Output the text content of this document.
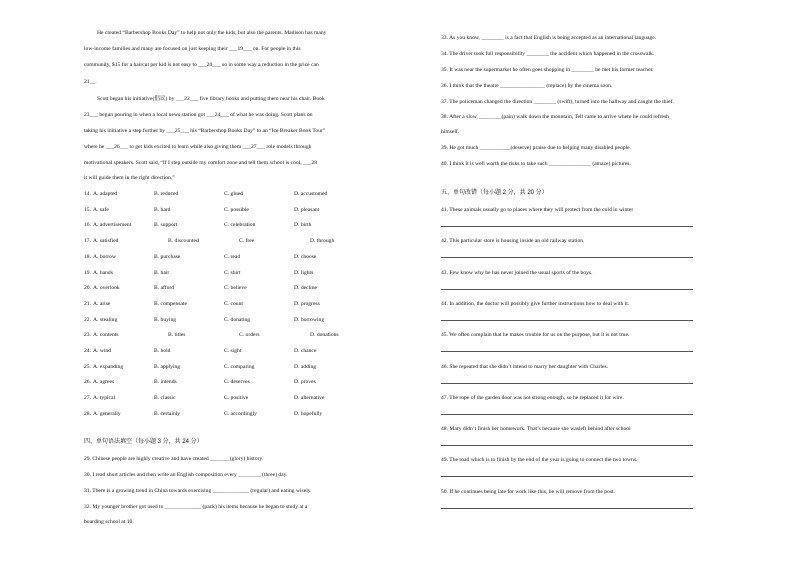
He created “Barbershop Books Day” to help not only the kids, but also the parents. Madison has many
low-income families and many are focused on just keeping their ___19___ on. For people in this
community, $15 for a haircut per kid is not easy to ___20___ so in some way a reduction in the price can
21__.
Scott began his initiative(倡议) by ___22___ five library books and putting them near his chair. Book
23___ begun pouring in when a local news station got ___24___ of what he was doing. Scott plans on
taking his initiative a step further by ___25___ his “Barbershop Books Day” to an “Ice Breaker Book Tour”
where he ___26___ to get kids excited to learn while also giving them ___27___ role models through
motivational speakers. Scott said, “If I step outside my comfort zone and tell them school is cool, ___28
it will guide them in the right direction.”
14. A. adapted	B. reduced	C. glued	D. accustomed
15. A. safe	B. hard	C. possible	D. pleasant
16. A. advertisement	B. support	C. celebration	D. birth
17. A. satisfied	B. discounted	C. free	D. through
18. A. borrow	B. purchase	C. read	D. choose
19. A. hands	B. hair	C. shirt	D. lights
20. A. overlook	B. afford	C. believe	D. decline
21. A. arise	B. compensate	C. count	D. progress
22. A. stealing	B. buying	C. donating	D. borrowing
23. A. contents	B. titles	C. orders	D. donations
24. A. wind	B. hold	C. sight	D. chance
25. A. expanding	B. applying	C. comparing	D. adding
26. A. agrees	B. intends	C. deserves	D. proves
27. A. typical	B. classic	C. positive	D. alternative
28. A. generally	B. certainly	C. accordingly	D. hopefully
四、单句语法填空（每小题 3 分，共 24 分）
29. Chinese people are highly creative and have created _______(glory) history.
30. I read short articles and then write an English composition every ________ (three) day.
31. There is a growing trend in China towards exercising _____________ (regular) and eating wisely.
32. My younger brother got used to _____________ (pack) his items because he began to study at a
boarding school at 10.
33. As you know, ________ is a fact that English is being accepted as an international language.
34. The driver took full responsibility ________ the accident which happened in the crosswalk.
35. It was near the supermarket he often goes shopping in ________ he met his former teacher.
36. I think that the theatre ________________ (replace) by the cinema soon.
37. The policeman changed the direction ________ (swift), turned into the hallway and caught the thief.
38. After a slow, ________(pain) walk down the mountain, Tell came to arrive where he could refresh
himself.
39. He got much ___________(deserve) praise due to helping many disabled people.
40. I think it is well worth the risks to take such _______________ (amaze) pictures.
五、单句改错（每小题 2 分，共 20 分）
41. These animals usually go to places where they will protect from the cold in winter
42. This particular store is housing inside an old railway station.
43. Few know why he has never joined the usual sports of the boys.
44. In addition, the doctor will possibly give further instructions how to deal with it.
45. We often complain that he makes trouble for us on the purpose, but it is not true.
46. She repeated that she didn’t intend to marry her daughter with Charles.
47. The rope of the garden door was not strong enough, so he replaced it for wire.
48. Mary didn’t finish her homework. That’s because she wasleft behind after school
49. The road which is to finish by the end of the year is going to connect the two towns.
50. If he continues being late for work like this, he will remove from the post.
